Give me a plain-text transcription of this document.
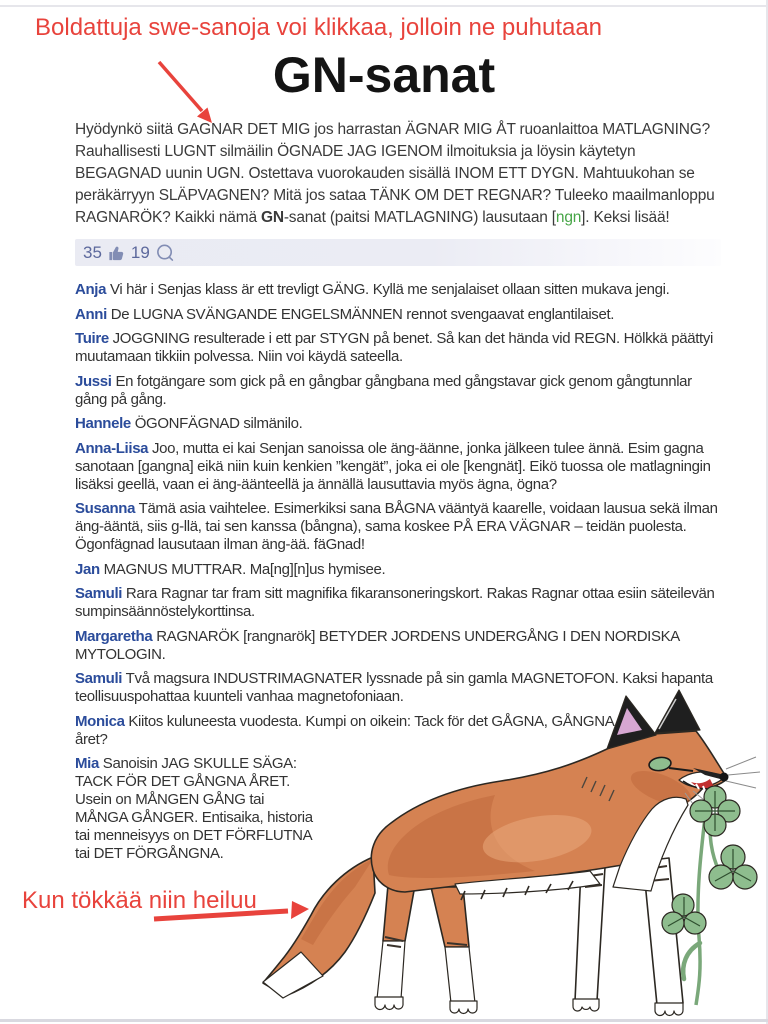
Boldattuja swe-sanoja voi klikkaa, jolloin ne puhutaan
GN-sanat
Hyödynkö siitä GAGNAR DET MIG jos harrastan ÄGNAR MIG ÅT ruoanlaittoa MATLAGNING? Rauhallisesti LUGNT silmäilin ÖGNADE JAG IGENOM ilmoituksia ja löysin käytetyn BEGAGNAD uunin UGN. Ostettava vuorokauden sisällä INOM ETT DYGN. Mahtuukohan se peräkärryyn SLÄPVAGNEN? Mitä jos sataa TÄNK OM DET REGNAR? Tuleeko maailmanloppu RAGNARÖK? Kaikki nämä GN-sanat (paitsi MATLAGNING) lausutaan [ngn]. Keksi lisää!
35 19
Anja Vi här i Senjas klass är ett trevligt GÄNG. Kyllä me senjalaiset ollaan sitten mukava jengi.
Anni De LUGNA SVÄNGANDE ENGELSMÄNNEN rennot svengaavat englantilaiset.
Tuire JOGGNING resulterade i ett par STYGN på benet. Så kan det hända vid REGN. Hölkkä päättyi muutamaan tikkiin polvessa. Niin voi käydä sateella.
Jussi En fotgängare som gick på en gångbar gångbana med gångstavar gick genom gångtunnlar gång på gång.
Hannele ÖGONFÄGNAD silmänilo.
Anna-Liisa Joo, mutta ei kai Senjan sanoissa ole äng-äänne, jonka jälkeen tulee ännä. Esim gagna sanotaan [gangna] eikä niin kuin kenkien ”kengät”, joka ei ole [kengnät]. Eikö tuossa ole matlagningin lisäksi geellä, vaan ei äng-äänteellä ja ännällä lausuttavia myös ägna, ögna?
Susanna Tämä asia vaihtelee. Esimerkiksi sana BÅGNA vääntyä kaarelle, voidaan lausua sekä ilman äng-ääntä, siis g-llä, tai sen kanssa (bångna), sama koskee PÅ ERA VÄGNAR – teidän puolesta. Ögonfägnad lausutaan ilman äng-ää. fäGnad!
Jan MAGNUS MUTTRAR. Ma[ng][n]us hymisee.
Samuli Rara Ragnar tar fram sitt magnifika fikaransoneringskort. Rakas Ragnar ottaa esiin säteilevän sumpinsäännöstelykorttinsa.
Margaretha RAGNARÖK [rangnarök] BETYDER JORDENS UNDERGÅNG I DEN NORDISKA MYTOLOGIN.
Samuli Två magsura INDUSTRIMAGNATER lyssnade på sin gamla MAGNETOFON. Kaksi hapanta teollisuuspohattaa kuunteli vanhaa magnetofoniaan.
Monica Kiitos kuluneesta vuodesta. Kumpi on oikein: Tack för det GÅGNA, GÅNGNA året?
Mia Sanoisin JAG SKULLE SÄGA: TACK FÖR DET GÅNGNA ÅRET. Usein on MÅNGEN GÅNG tai MÅNGA GÅNGER. Entisaika, historia tai menneisyys on DET FÖRFLUTNA tai DET FÖRGÅNGNA.
Kun tökkää niin heiluu
